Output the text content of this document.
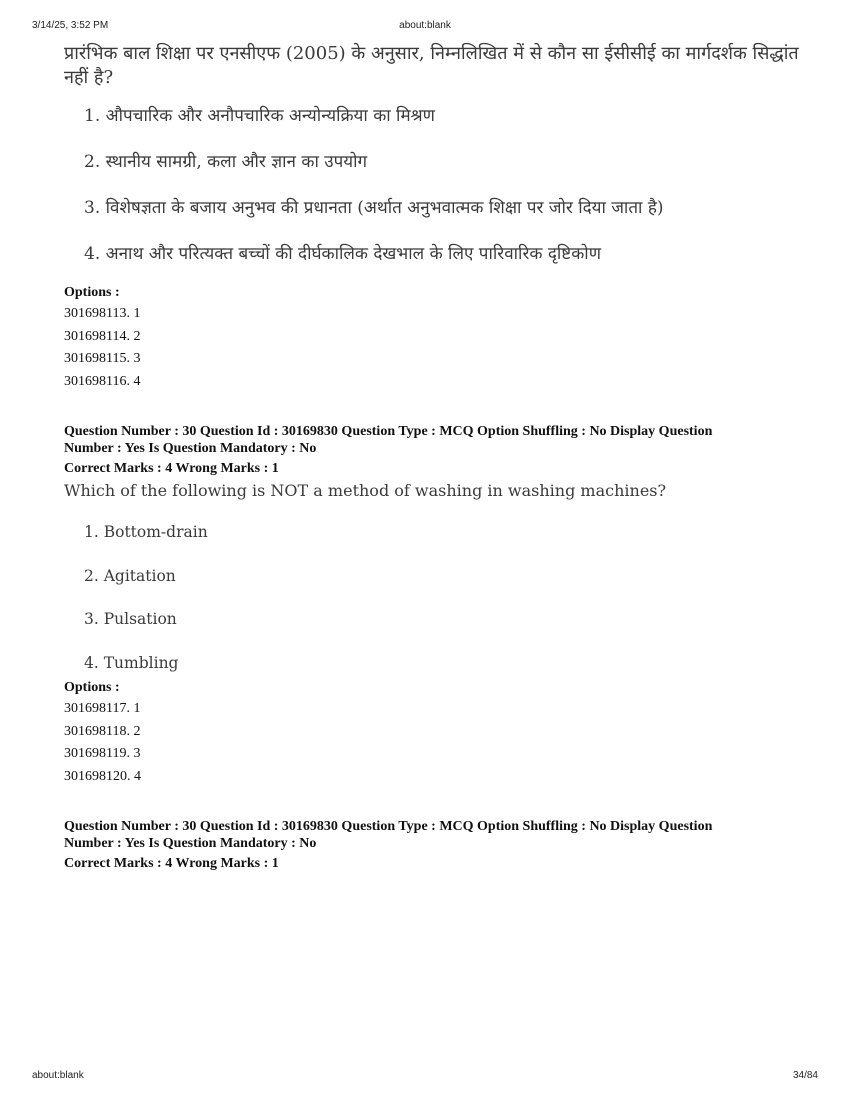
3/14/25, 3:52 PM	about:blank

प्रारंभिक बाल शिक्षा पर एनसीएफ (2005) के अनुसार, निम्नलिखित में से कौन सा ईसीसीई का मार्गदर्शक सिद्धांत नहीं है?

1. औपचारिक और अनौपचारिक अन्योन्यक्रिया का मिश्रण

2. स्थानीय सामग्री, कला और ज्ञान का उपयोग

3. विशेषज्ञता के बजाय अनुभव की प्रधानता (अर्थात अनुभवात्मक शिक्षा पर जोर दिया जाता है)

4. अनाथ और परित्यक्त बच्चों की दीर्घकालिक देखभाल के लिए पारिवारिक दृष्टिकोण

Options :
301698113. 1
301698114. 2
301698115. 3
301698116. 4
Question Number : 30 Question Id : 30169830 Question Type : MCQ Option Shuffling : No Display Question
Number : Yes Is Question Mandatory : No
Correct Marks : 4 Wrong Marks : 1

Which of the following is NOT a method of washing in washing machines?

1. Bottom-drain

2. Agitation

3. Pulsation

4. Tumbling

Options :
301698117. 1
301698118. 2
301698119. 3
301698120. 4
Question Number : 30 Question Id : 30169830 Question Type : MCQ Option Shuffling : No Display Question
Number : Yes Is Question Mandatory : No
Correct Marks : 4 Wrong Marks : 1
about:blank	34/84
